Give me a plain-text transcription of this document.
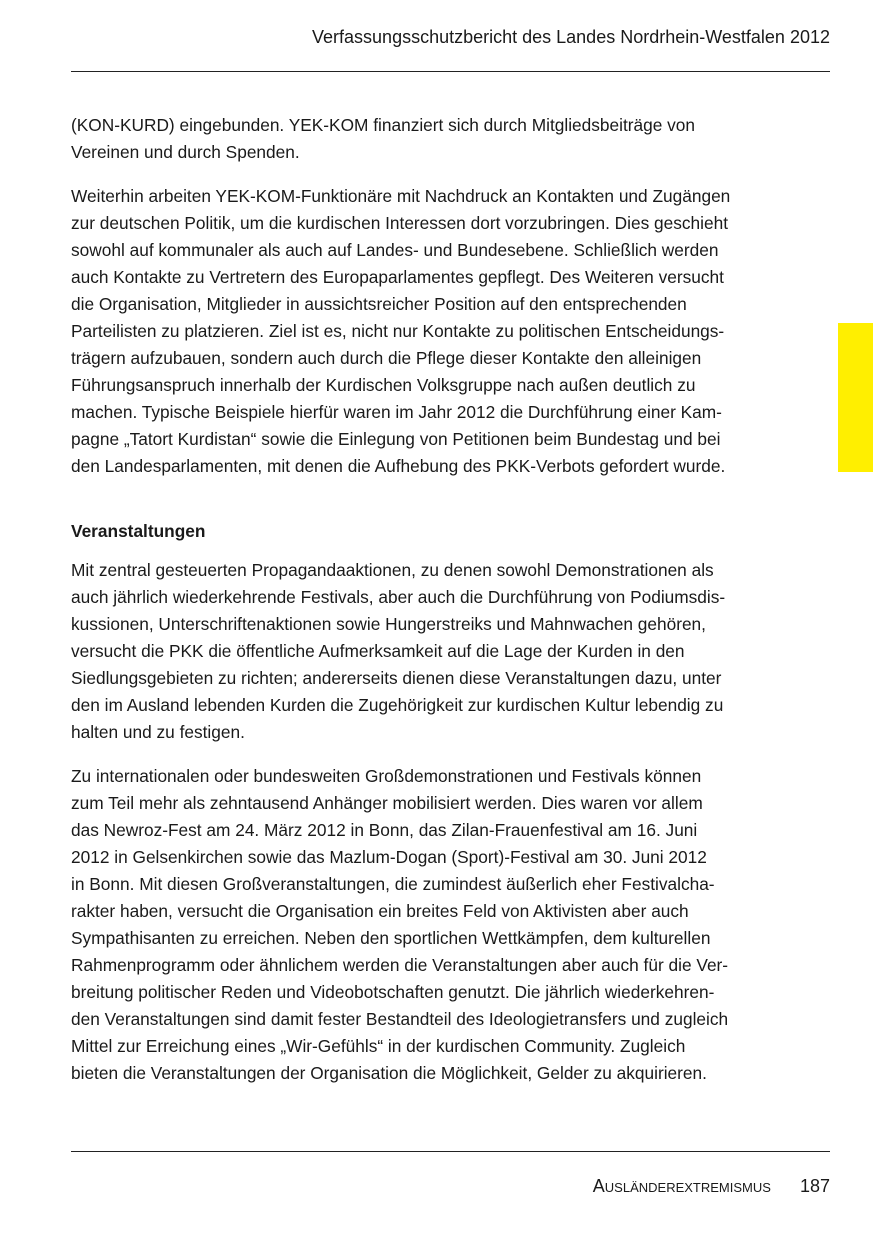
Verfassungsschutzbericht des Landes Nordrhein-Westfalen 2012

(KON-KURD) eingebunden. YEK-KOM finanziert sich durch Mitgliedsbeiträge von
Vereinen und durch Spenden.

Weiterhin arbeiten YEK-KOM-Funktionäre mit Nachdruck an Kontakten und Zugängen
zur deutschen Politik, um die kurdischen Interessen dort vorzubringen. Dies geschieht
sowohl auf kommunaler als auch auf Landes- und Bundesebene. Schließlich werden
auch Kontakte zu Vertretern des Europaparlamentes gepflegt. Des Weiteren versucht
die Organisation, Mitglieder in aussichtsreicher Position auf den entsprechenden
Parteilisten zu platzieren. Ziel ist es, nicht nur Kontakte zu politischen Entscheidungs-
trägern aufzubauen, sondern auch durch die Pflege dieser Kontakte den alleinigen
Führungsanspruch innerhalb der Kurdischen Volksgruppe nach außen deutlich zu
machen. Typische Beispiele hierfür waren im Jahr 2012 die Durchführung einer Kam-
pagne „Tatort Kurdistan“ sowie die Einlegung von Petitionen beim Bundestag und bei
den Landesparlamenten, mit denen die Aufhebung des PKK-Verbots gefordert wurde.

Veranstaltungen

Mit zentral gesteuerten Propagandaaktionen, zu denen sowohl Demonstrationen als
auch jährlich wiederkehrende Festivals, aber auch die Durchführung von Podiumsdis-
kussionen, Unterschriftenaktionen sowie Hungerstreiks und Mahnwachen gehören,
versucht die PKK die öffentliche Aufmerksamkeit auf die Lage der Kurden in den
Siedlungsgebieten zu richten; andererseits dienen diese Veranstaltungen dazu, unter
den im Ausland lebenden Kurden die Zugehörigkeit zur kurdischen Kultur lebendig zu
halten und zu festigen.

Zu internationalen oder bundesweiten Großdemonstrationen und Festivals können
zum Teil mehr als zehntausend Anhänger mobilisiert werden. Dies waren vor allem
das Newroz-Fest am 24. März 2012 in Bonn, das Zilan-Frauenfestival am 16. Juni
2012 in Gelsenkirchen sowie das Mazlum-Dogan (Sport)-Festival am 30. Juni 2012
in Bonn. Mit diesen Großveranstaltungen, die zumindest äußerlich eher Festivalcha-
rakter haben, versucht die Organisation ein breites Feld von Aktivisten aber auch
Sympathisanten zu erreichen. Neben den sportlichen Wettkämpfen, dem kulturellen
Rahmenprogramm oder ähnlichem werden die Veranstaltungen aber auch für die Ver-
breitung politischer Reden und Videobotschaften genutzt. Die jährlich wiederkehren-
den Veranstaltungen sind damit fester Bestandteil des Ideologietransfers und zugleich
Mittel zur Erreichung eines „Wir-Gefühls“ in der kurdischen Community. Zugleich
bieten die Veranstaltungen der Organisation die Möglichkeit, Gelder zu akquirieren.

Ausländerextremismus 187
